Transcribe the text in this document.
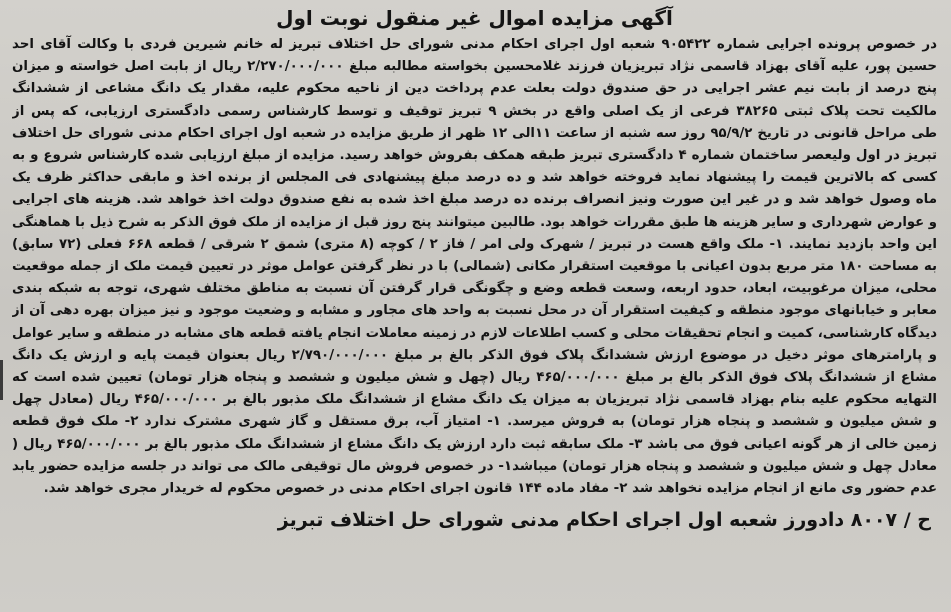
آگهی مزایده اموال غیر منقول نوبت اول
در خصوص پرونده اجرایی شماره ۹۰۵۴۲۲ شعبه اول اجرای احکام مدنی شورای حل اختلاف تبریز له خانم شیرین فردی با وکالت آقای احد
حسین پور، علیه آقای بهزاد قاسمی نژاد تبریزیان فرزند غلامحسین بخواسته مطالبه مبلغ ۲/۲۷۰/۰۰۰/۰۰۰ ریال از بابت اصل خواسته و میزان
پنج درصد از بابت نیم عشر اجرایی در حق صندوق دولت بعلت عدم پرداخت دین از ناحیه محکوم علیه، مقدار یک دانگ مشاعی از ششدانگ
مالکیت تحت پلاک ثبتی ۳۸۲۶۵ فرعی از یک اصلی واقع در بخش ۹ تبریز توقیف و توسط کارشناس رسمی دادگستری ارزیابی، که پس از
طی مراحل قانونی در تاریخ ۹۵/۹/۲ روز سه شنبه از ساعت ۱۱الی ۱۲ ظهر از طریق مزایده در شعبه اول اجرای احکام مدنی شورای حل اختلاف
تبریز در اول ولیعصر ساختمان شماره ۴ دادگستری تبریز طبقه همکف بفروش خواهد رسید. مزایده از مبلغ ارزیابی شده کارشناس شروع و به
کسی که بالاترین قیمت را پیشنهاد نماید فروخته خواهد شد و ده درصد مبلغ پیشنهادی فی المجلس از برنده اخذ و مابقی حداکثر ظرف یک
ماه وصول خواهد شد و در غیر این صورت ونیز انصراف برنده ده درصد مبلغ اخذ شده به نفع صندوق دولت اخذ خواهد شد. هزینه های اجرایی
و عوارض شهرداری و سایر هزینه ها طبق مقررات خواهد بود. طالبین میتوانند پنج روز قبل از مزایده از ملک فوق الذکر به شرح ذیل با هماهنگی
این واحد بازدید نمایند. ۱- ملک واقع هست در تبریز / شهرک ولی امر / فاز ۲ / کوچه (۸ متری) شمق ۲ شرقی / قطعه ۶۶۸ فعلی (۷۲ سابق)
به مساحت ۱۸۰ متر مربع بدون اعیانی با موقعیت استقرار مکانی (شمالی) با در نظر گرفتن عوامل موثر در تعیین قیمت ملک از جمله موقعیت
محلی، میزان مرغوبیت، ابعاد، حدود اربعه، وسعت قطعه وضع و چگونگی قرار گرفتن آن نسبت به مناطق مختلف شهری، توجه به شبکه بندی
معابر و خیابانهای موجود منطقه و کیفیت استقرار آن در محل نسبت به واحد های مجاور و مشابه و وضعیت موجود و نیز میزان بهره دهی آن از
دیدگاه کارشناسی، کمیت و انجام تحقیقات محلی و کسب اطلاعات لازم در زمینه معاملات انجام یافته قطعه های مشابه در منطقه و سایر عوامل
و پارامترهای موثر دخیل در موضوع ارزش ششدانگ پلاک فوق الذکر بالغ بر مبلغ ۲/۷۹۰/۰۰۰/۰۰۰ ریال بعنوان قیمت پایه و ارزش یک دانگ
مشاع از ششدانگ پلاک فوق الذکر بالغ بر مبلغ ۴۶۵/۰۰۰/۰۰۰ ریال (چهل و شش میلیون و ششصد و پنجاه هزار تومان) تعیین شده است که
التهایه محکوم علیه بنام بهزاد قاسمی نژاد تبریزیان به میزان یک دانگ مشاع از ششدانگ ملک مذبور بالغ بر ۴۶۵/۰۰۰/۰۰۰ ریال (معادل چهل
و شش میلیون و ششصد و پنجاه هزار تومان) به فروش میرسد. ۱- امتیاز آب، برق مستقل و گاز شهری مشترک ندارد ۲- ملک فوق قطعه
زمین خالی از هر گونه اعیانی فوق می باشد ۳- ملک سابقه ثبت دارد ارزش یک دانگ مشاع از ششدانگ ملک مذبور بالغ بر ۴۶۵/۰۰۰/۰۰۰ ریال (
معادل چهل و شش میلیون و ششصد و پنجاه هزار تومان) میباشد۱- در خصوص فروش مال توقیفی مالک می تواند در جلسه مزایده حضور یابد
عدم حضور وی مانع از انجام مزایده نخواهد شد ۲- مفاد ماده ۱۴۴ قانون اجرای احکام مدنی در خصوص محکوم له خریدار مجری خواهد شد.
ح / ۸۰۰۷ دادورز شعبه اول اجرای احکام مدنی شورای حل اختلاف تبریز
